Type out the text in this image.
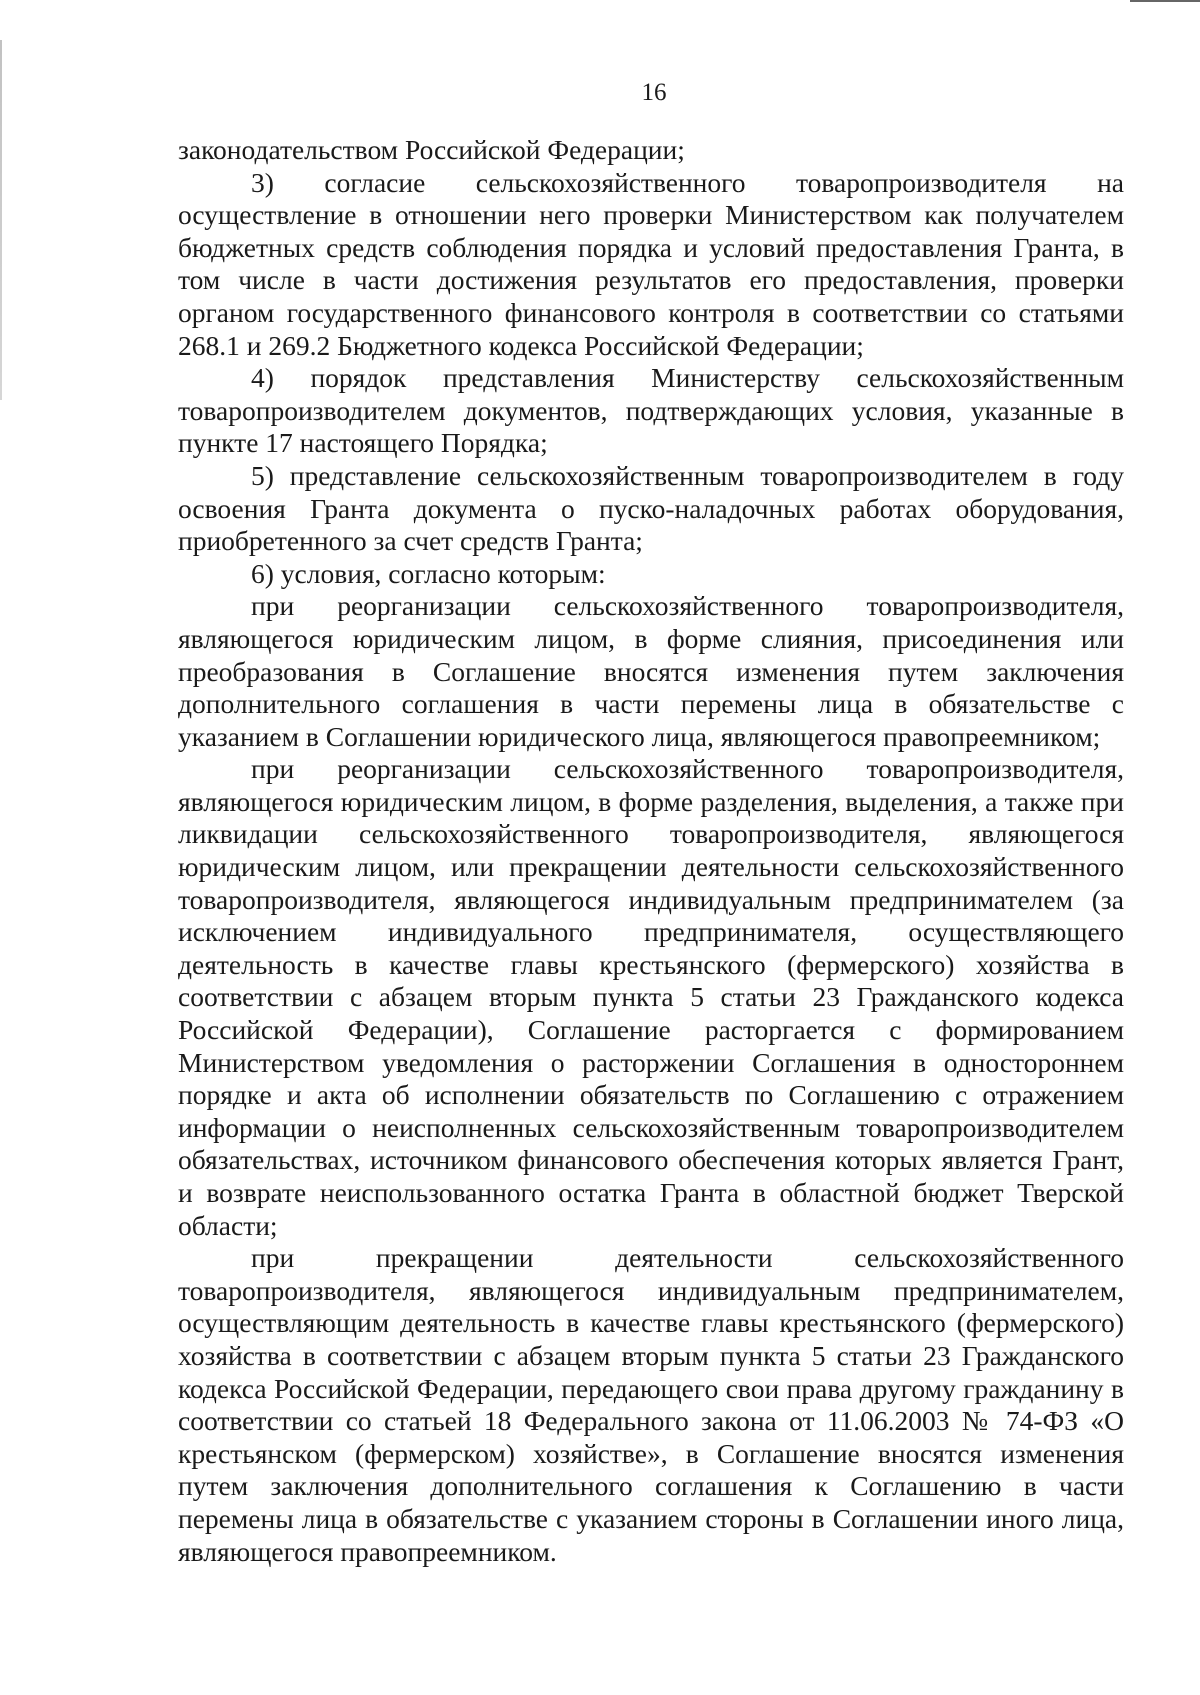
16

законодательством Российской Федерации;

3) согласие сельскохозяйственного товаропроизводителя на осуществление в отношении него проверки Министерством как получателем бюджетных средств соблюдения порядка и условий предоставления Гранта, в том числе в части достижения результатов его предоставления, проверки органом государственного финансового контроля в соответствии со статьями 268.1 и 269.2 Бюджетного кодекса Российской Федерации;

4) порядок представления Министерству сельскохозяйственным товаропроизводителем документов, подтверждающих условия, указанные в пункте 17 настоящего Порядка;

5) представление сельскохозяйственным товаропроизводителем в году освоения Гранта документа о пуско-наладочных работах оборудования, приобретенного за счет средств Гранта;

6) условия, согласно которым:

при реорганизации сельскохозяйственного товаропроизводителя, являющегося юридическим лицом, в форме слияния, присоединения или преобразования в Соглашение вносятся изменения путем заключения дополнительного соглашения в части перемены лица в обязательстве с указанием в Соглашении юридического лица, являющегося правопреемником;

при реорганизации сельскохозяйственного товаропроизводителя, являющегося юридическим лицом, в форме разделения, выделения, а также при ликвидации сельскохозяйственного товаропроизводителя, являющегося юридическим лицом, или прекращении деятельности сельскохозяйственного товаропроизводителя, являющегося индивидуальным предпринимателем (за исключением индивидуального предпринимателя, осуществляющего деятельность в качестве главы крестьянского (фермерского) хозяйства в соответствии с абзацем вторым пункта 5 статьи 23 Гражданского кодекса Российской Федерации), Соглашение расторгается с формированием Министерством уведомления о расторжении Соглашения в одностороннем порядке и акта об исполнении обязательств по Соглашению с отражением информации о неисполненных сельскохозяйственным товаропроизводителем обязательствах, источником финансового обеспечения которых является Грант, и возврате неиспользованного остатка Гранта в областной бюджет Тверской области;

при прекращении деятельности сельскохозяйственного товаропроизводителя, являющегося индивидуальным предпринимателем, осуществляющим деятельность в качестве главы крестьянского (фермерского) хозяйства в соответствии с абзацем вторым пункта 5 статьи 23 Гражданского кодекса Российской Федерации, передающего свои права другому гражданину в соответствии со статьей 18 Федерального закона от 11.06.2003 № 74-ФЗ «О крестьянском (фермерском) хозяйстве», в Соглашение вносятся изменения путем заключения дополнительного соглашения к Соглашению в части перемены лица в обязательстве с указанием стороны в Соглашении иного лица, являющегося правопреемником.
